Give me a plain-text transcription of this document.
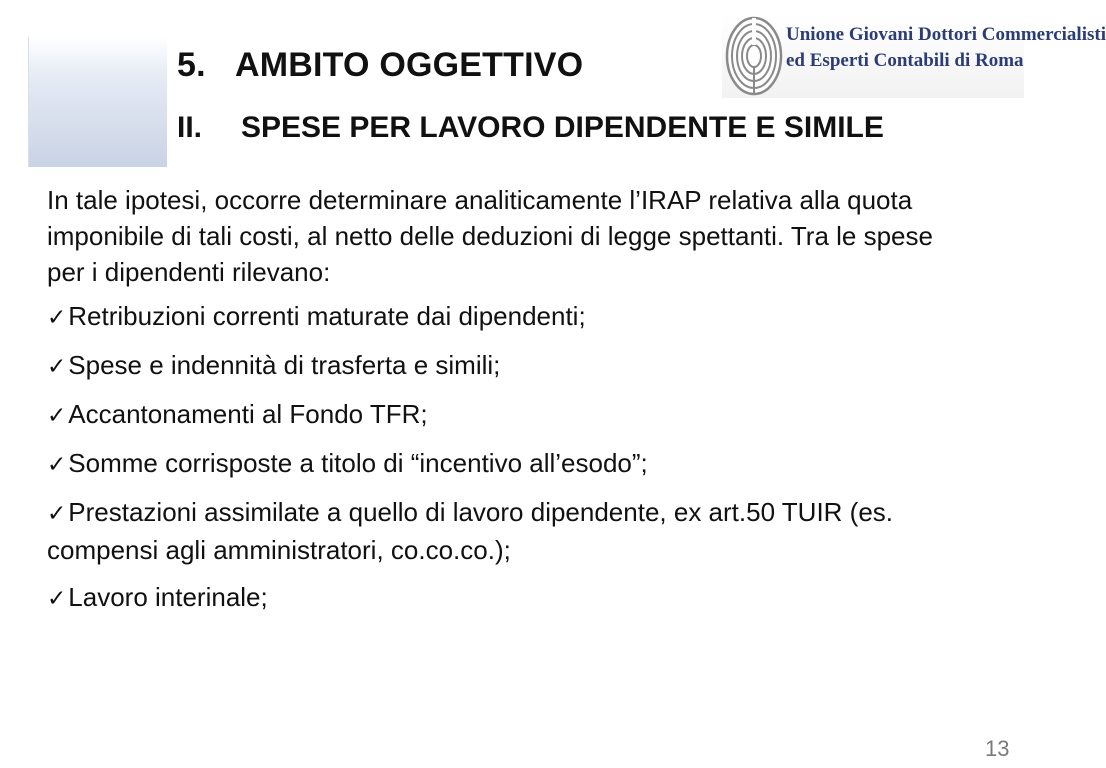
5. AMBITO OGGETTIVO
II. SPESE PER LAVORO DIPENDENTE E SIMILE
Unione Giovani Dottori Commercialisti
ed Esperti Contabili di Roma

In tale ipotesi, occorre determinare analiticamente l’IRAP relativa alla quota imponibile di tali costi, al netto delle deduzioni di legge spettanti. Tra le spese per i dipendenti rilevano:

✓Retribuzioni correnti maturate dai dipendenti;
✓Spese e indennità di trasferta e simili;
✓Accantonamenti al Fondo TFR;
✓Somme corrisposte a titolo di “incentivo all’esodo”;
✓Prestazioni assimilate a quello di lavoro dipendente, ex art.50 TUIR (es. compensi agli amministratori, co.co.co.);
✓Lavoro interinale;
13
